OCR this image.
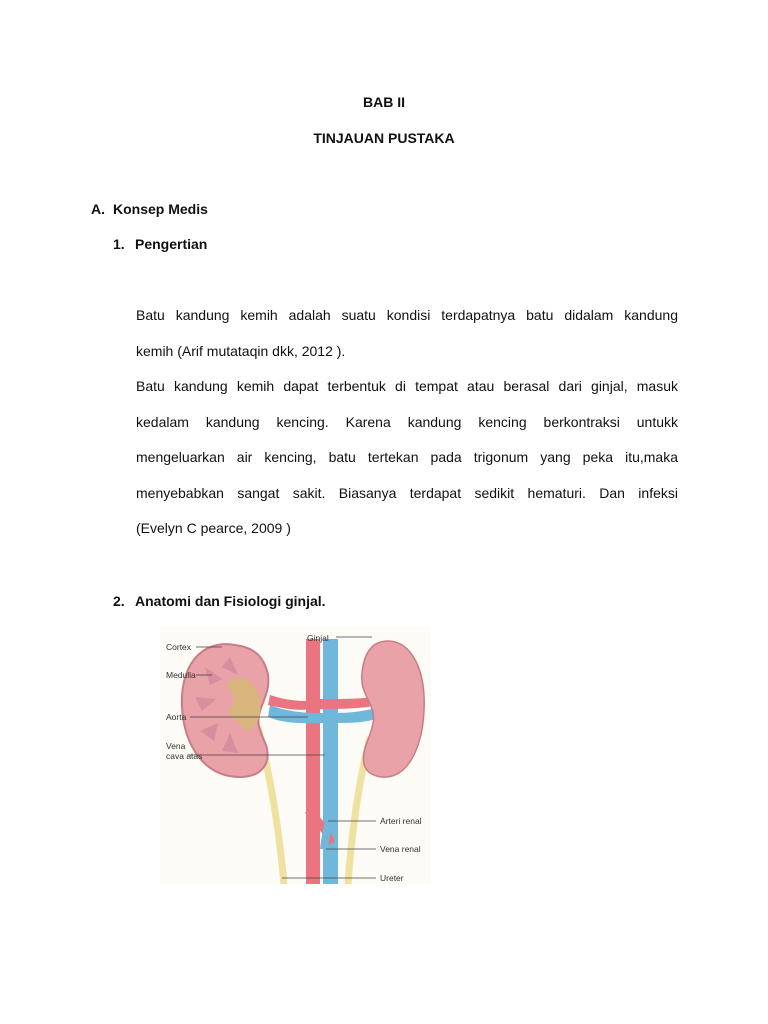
BAB II
TINJAUAN PUSTAKA
A. Konsep Medis
1. Pengertian
Batu kandung kemih adalah suatu kondisi terdapatnya batu didalam kandung
kemih (Arif mutataqin dkk, 2012 ).
Batu kandung kemih dapat terbentuk di tempat atau berasal dari ginjal, masuk
kedalam kandung kencing. Karena kandung kencing berkontraksi untukk
mengeluarkan air kencing, batu tertekan pada trigonum yang peka itu,maka
menyebabkan sangat sakit. Biasanya terdapat sedikit hematuri. Dan infeksi
(Evelyn C pearce, 2009 )
2. Anatomi dan Fisiologi ginjal.
Cortex
Medulla
Aorta
Vena
cava atas
Ginjal
Arteri renal
Vena renal
Ureter
